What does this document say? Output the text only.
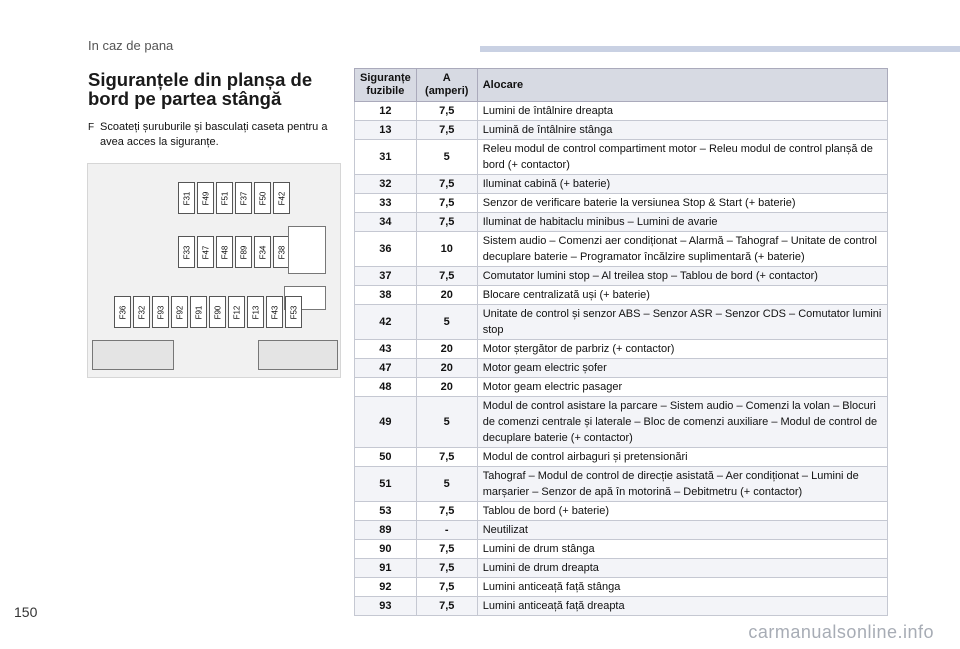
In caz de pana
Siguranțele din planșa de bord pe partea stângă
F Scoateți șuruburile și basculați caseta pentru a avea acces la siguranțe.
F31 F49 F51 F37 F50 F42
F33 F47 F48 F89 F34 F38
F36 F32 F93 F92 F91 F90 F12 F13 F43 F53
Siguranțe fuzibile	A (amperi)	Alocare
12	7,5	Lumini de întâlnire dreapta
13	7,5	Lumină de întâlnire stânga
31	5	Releu modul de control compartiment motor – Releu modul de control planșă de bord (+ contactor)
32	7,5	Iluminat cabină (+ baterie)
33	7,5	Senzor de verificare baterie la versiunea Stop & Start (+ baterie)
34	7,5	Iluminat de habitaclu minibus – Lumini de avarie
36	10	Sistem audio – Comenzi aer condiționat – Alarmă – Tahograf – Unitate de control decuplare baterie – Programator încălzire suplimentară (+ baterie)
37	7,5	Comutator lumini stop – Al treilea stop – Tablou de bord (+ contactor)
38	20	Blocare centralizată uși (+ baterie)
42	5	Unitate de control și senzor ABS – Senzor ASR – Senzor CDS – Comutator lumini stop
43	20	Motor ștergător de parbriz (+ contactor)
47	20	Motor geam electric șofer
48	20	Motor geam electric pasager
49	5	Modul de control asistare la parcare – Sistem audio – Comenzi la volan – Blocuri de comenzi centrale și laterale – Bloc de comenzi auxiliare – Modul de control de decuplare baterie (+ contactor)
50	7,5	Modul de control airbaguri și pretensionări
51	5	Tahograf – Modul de control de direcție asistată – Aer condiționat – Lumini de marșarier – Senzor de apă în motorină – Debitmetru (+ contactor)
53	7,5	Tablou de bord (+ baterie)
89	-	Neutilizat
90	7,5	Lumini de drum stânga
91	7,5	Lumini de drum dreapta
92	7,5	Lumini anticeață față stânga
93	7,5	Lumini anticeață față dreapta
150
carmanualsonline.info
